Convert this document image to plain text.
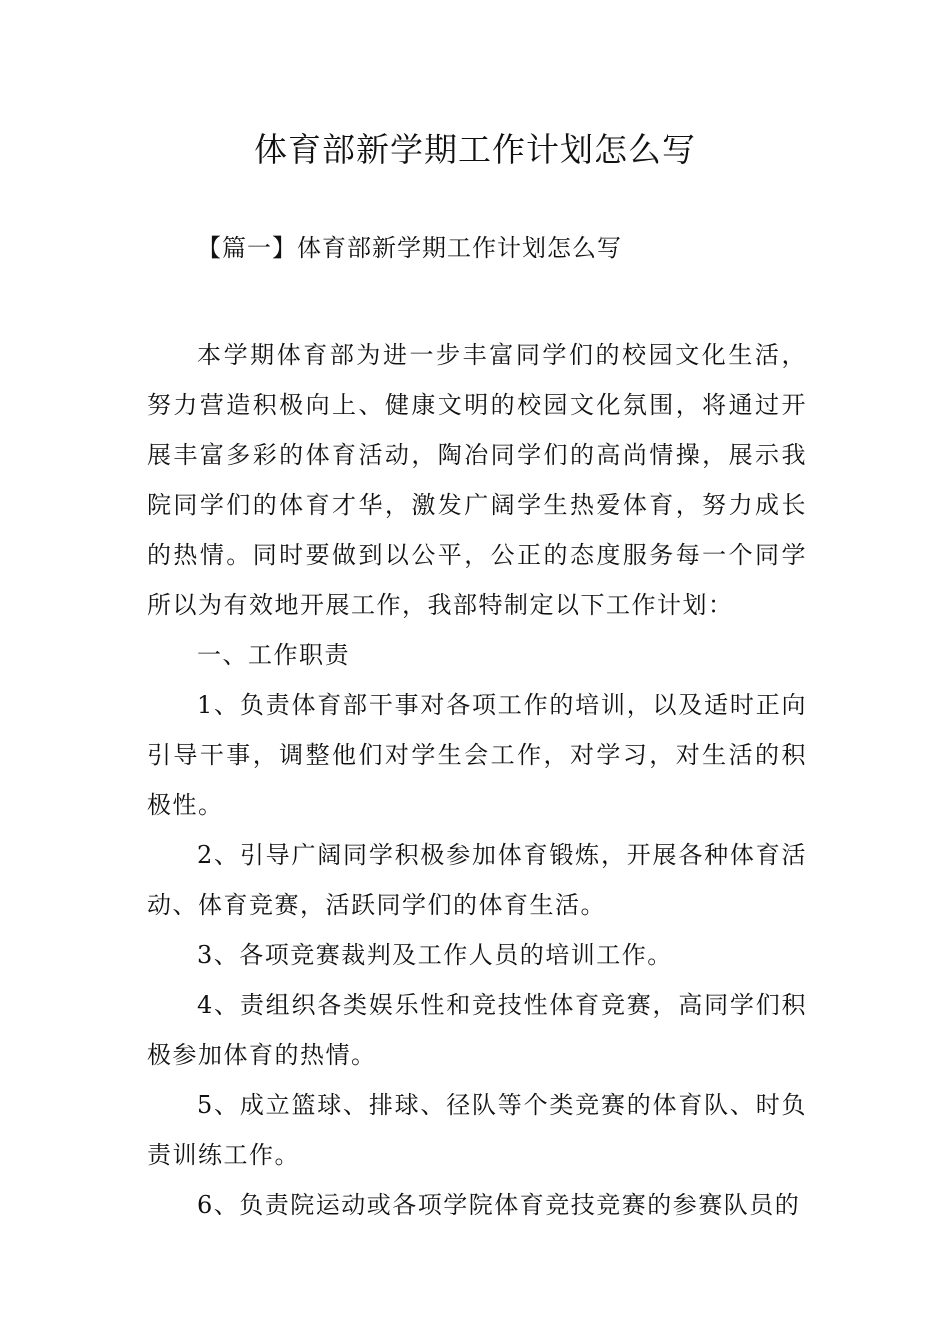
体育部新学期工作计划怎么写

【篇一】体育部新学期工作计划怎么写

本学期体育部为进一步丰富同学们的校园文化生活，努力营造积极向上、健康文明的校园文化氛围，将通过开展丰富多彩的体育活动，陶冶同学们的高尚情操，展示我院同学们的体育才华，激发广阔学生热爱体育，努力成长的热情。同时要做到以公平，公正的态度服务每一个同学所以为有效地开展工作，我部特制定以下工作计划：

一、工作职责

1、负责体育部干事对各项工作的培训，以及适时正向引导干事，调整他们对学生会工作，对学习，对生活的积极性。

2、引导广阔同学积极参加体育锻炼，开展各种体育活动、体育竞赛，活跃同学们的体育生活。

3、各项竞赛裁判及工作人员的培训工作。

4、责组织各类娱乐性和竞技性体育竞赛，高同学们积极参加体育的热情。

5、成立篮球、排球、径队等个类竞赛的体育队、时负责训练工作。

6、负责院运动或各项学院体育竞技竞赛的参赛队员的
